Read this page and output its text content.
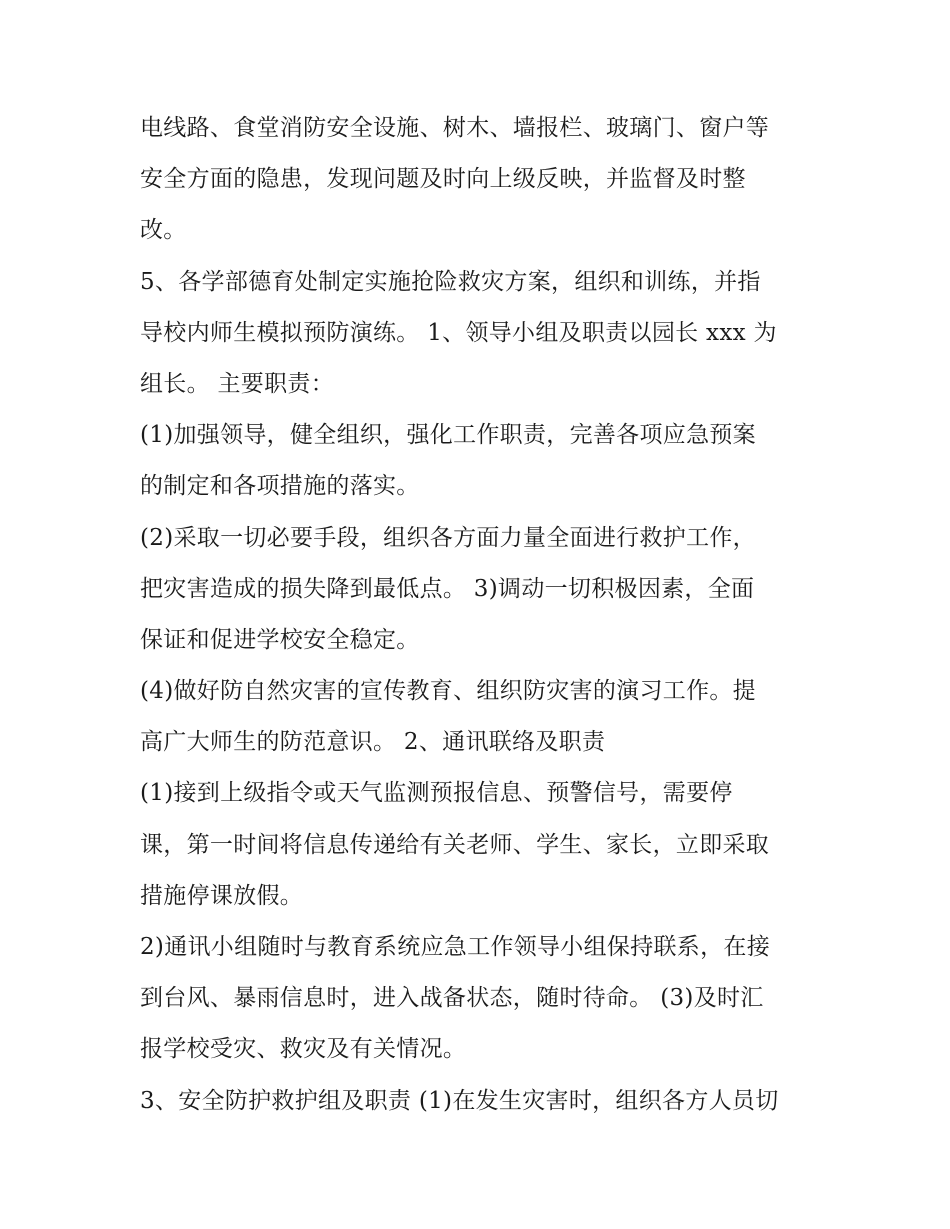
电线路、食堂消防安全设施、树木、墙报栏、玻璃门、窗户等
安全方面的隐患，发现问题及时向上级反映，并监督及时整
改。
5、各学部德育处制定实施抢险救灾方案，组织和训练，并指
导校内师生模拟预防演练。 1、领导小组及职责以园长 xxx 为
组长。 主要职责：
(1)加强领导，健全组织，强化工作职责，完善各项应急预案
的制定和各项措施的落实。
(2)采取一切必要手段，组织各方面力量全面进行救护工作，
把灾害造成的损失降到最低点。 3)调动一切积极因素，全面
保证和促进学校安全稳定。
(4)做好防自然灾害的宣传教育、组织防灾害的演习工作。提
高广大师生的防范意识。 2、通讯联络及职责
(1)接到上级指令或天气监测预报信息、预警信号，需要停
课，第一时间将信息传递给有关老师、学生、家长，立即采取
措施停课放假。
2)通讯小组随时与教育系统应急工作领导小组保持联系，在接
到台风、暴雨信息时，进入战备状态，随时待命。 (3)及时汇
报学校受灾、救灾及有关情况。
3、安全防护救护组及职责 (1)在发生灾害时，组织各方人员切
